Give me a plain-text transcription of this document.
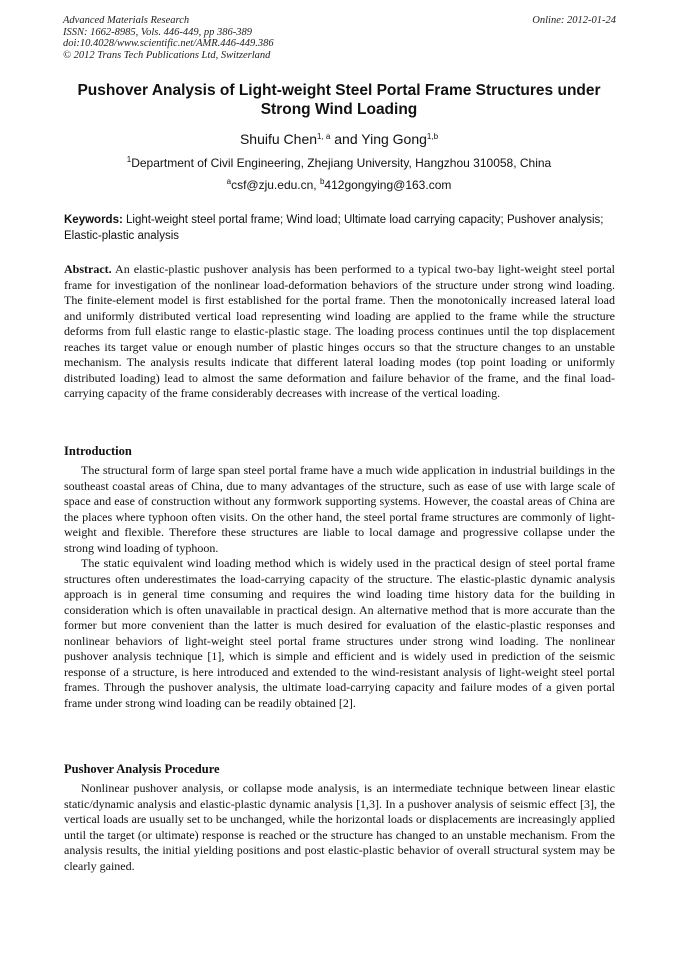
Advanced Materials Research
ISSN: 1662-8985, Vols. 446-449, pp 386-389
doi:10.4028/www.scientific.net/AMR.446-449.386
© 2012 Trans Tech Publications Ltd, Switzerland
Online: 2012-01-24
Pushover Analysis of Light-weight Steel Portal Frame Structures under Strong Wind Loading
Shuifu Chen$^{1, a}$ and Ying Gong$^{1,b}$
$^1$Department of Civil Engineering, Zhejiang University, Hangzhou 310058, China
$^a$csf@zju.edu.cn, $^b$412gongying@163.com
Keywords: Light-weight steel portal frame; Wind load; Ultimate load carrying capacity; Pushover analysis; Elastic-plastic analysis
Abstract. An elastic-plastic pushover analysis has been performed to a typical two-bay light-weight steel portal frame for investigation of the nonlinear load-deformation behaviors of the structure under strong wind loading. The finite-element model is first established for the portal frame. Then the monotonically increased lateral load and uniformly distributed vertical load representing wind loading are applied to the frame while the structure deforms from full elastic range to elastic-plastic stage. The loading process continues until the top displacement reaches its target value or enough number of plastic hinges occurs so that the structure changes to an unstable mechanism. The analysis results indicate that different lateral loading modes (top point loading or uniformly distributed loading) lead to almost the same deformation and failure behavior of the frame, and the final load-carrying capacity of the frame considerably decreases with increase of the vertical loading.
Introduction

The structural form of large span steel portal frame have a much wide application in industrial buildings in the southeast coastal areas of China, due to many advantages of the structure, such as ease of use with large scale of space and ease of construction without any formwork supporting systems. However, the coastal areas of China are the places where typhoon often visits. On the other hand, the steel portal frame structures are commonly of light-weight and flexible. Therefore these structures are liable to local damage and progressive collapse under the strong wind loading of typhoon.

The static equivalent wind loading method which is widely used in the practical design of steel portal frame structures often underestimates the load-carrying capacity of the structure. The elastic-plastic dynamic analysis approach is in general time consuming and requires the wind loading time history data for the building in consideration which is often unavailable in practical design. An alternative method that is more accurate than the former but more convenient than the latter is much desired for evaluation of the elastic-plastic responses and nonlinear behaviors of light-weight steel portal frame structures under strong wind loading. The nonlinear pushover analysis technique [1], which is simple and efficient and is widely used in prediction of the seismic response of a structure, is here introduced and extended to the wind-resistant analysis of light-weight steel portal frames. Through the pushover analysis, the ultimate load-carrying capacity and failure modes of a given portal frame under strong wind loading can be readily obtained [2].

Pushover Analysis Procedure

Nonlinear pushover analysis, or collapse mode analysis, is an intermediate technique between linear elastic static/dynamic analysis and elastic-plastic dynamic analysis [1,3]. In a pushover analysis of seismic effect [3], the vertical loads are usually set to be unchanged, while the horizontal loads or displacements are increasingly applied until the target (or ultimate) response is reached or the structure has changed to an unstable mechanism. From the analysis results, the initial yielding positions and post elastic-plastic behavior of overall structural system may be clearly gained.
